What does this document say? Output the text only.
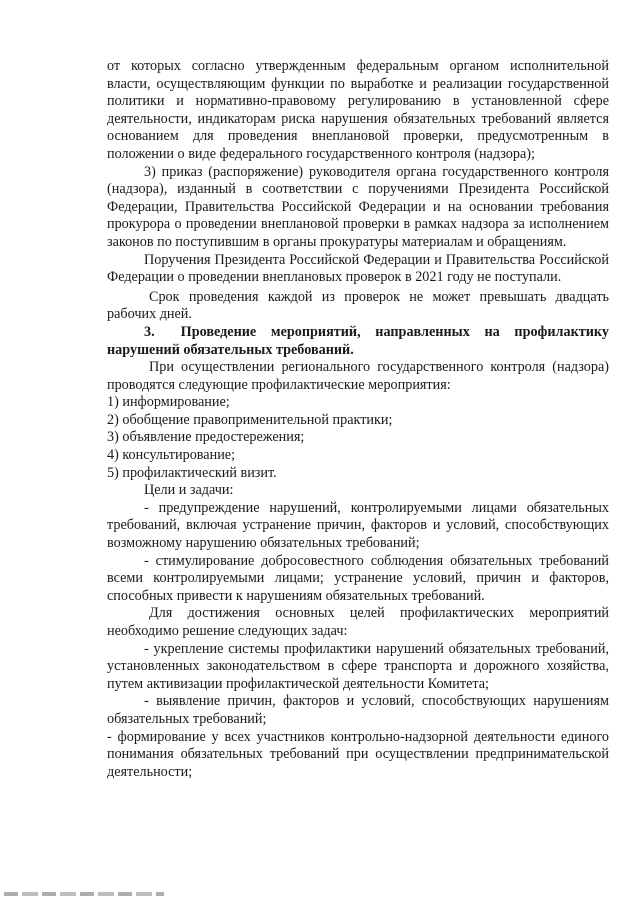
от которых согласно утвержденным федеральным органом исполнительной власти, осуществляющим функции по выработке и реализации государственной политики и нормативно-правовому регулированию в установленной сфере деятельности, индикаторам риска нарушения обязательных требований является основанием для проведения внеплановой проверки, предусмотренным в положении о виде федерального государственного контроля (надзора);

3) приказ (распоряжение) руководителя органа государственного контроля (надзора), изданный в соответствии с поручениями Президента Российской Федерации, Правительства Российской Федерации и на основании требования прокурора о проведении внеплановой проверки в рамках надзора за исполнением законов по поступившим в органы прокуратуры материалам и обращениям.

Поручения Президента Российской Федерации и Правительства Российской Федерации о проведении внеплановых проверок в 2021 году не поступали.

Срок проведения каждой из проверок не может превышать двадцать рабочих дней.

3. Проведение мероприятий, направленных на профилактику нарушений обязательных требований.

При осуществлении регионального государственного контроля (надзора) проводятся следующие профилактические мероприятия:

1) информирование;

2) обобщение правоприменительной практики;

3) объявление предостережения;

4) консультирование;

5) профилактический визит.

Цели и задачи:

- предупреждение нарушений, контролируемыми лицами обязательных требований, включая устранение причин, факторов и условий, способствующих возможному нарушению обязательных требований;

- стимулирование добросовестного соблюдения обязательных требований всеми контролируемыми лицами; устранение условий, причин и факторов, способных привести к нарушениям обязательных требований.

Для достижения основных целей профилактических мероприятий необходимо решение следующих задач:

- укрепление системы профилактики нарушений обязательных требований, установленных законодательством в сфере транспорта и дорожного хозяйства, путем активизации профилактической деятельности Комитета;

- выявление причин, факторов и условий, способствующих нарушениям обязательных требований;

- формирование у всех участников контрольно-надзорной деятельности единого понимания обязательных требований при осуществлении предпринимательской деятельности;
